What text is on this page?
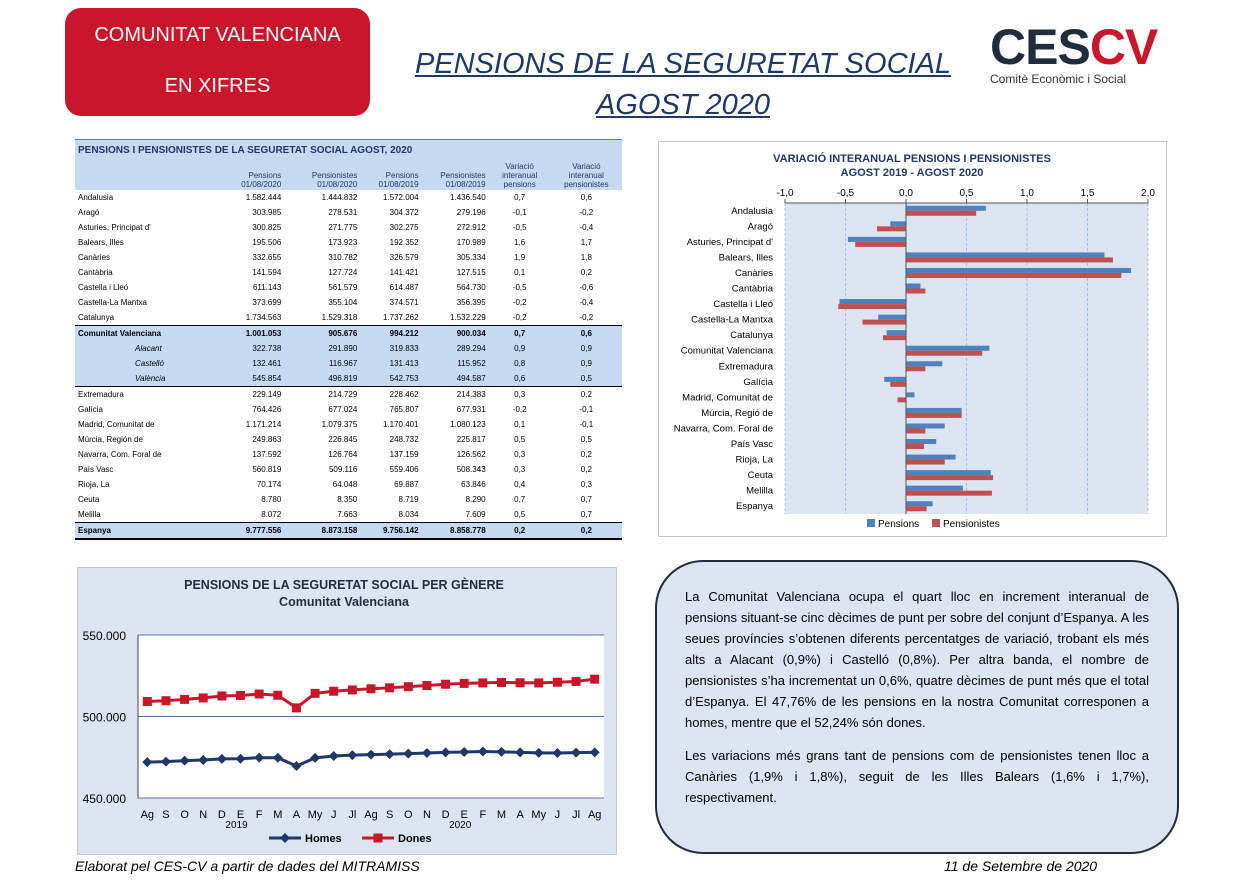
COMUNITAT VALENCIANA
EN XIFRES
PENSIONS DE LA SEGURETAT SOCIAL
AGOST 2020
CESCV
Comitè Econòmic i Social
PENSIONS I PENSIONISTES DE LA SEGURETAT SOCIAL AGOST, 2020
	Pensions 01/08/2020	Pensionistes 01/08/2020	Pensions 01/08/2019	Pensionistes 01/08/2019	Variació interanual pensions	Variació interanual pensionistes
Andalusia	1.582.444	1.444.832	1.572.004	1.436.540	0,7	0,6
Aragó	303.985	278.531	304.372	279.196	-0,1	-0,2
Asturies, Principat d'	300.825	271.775	302.275	272.912	-0,5	-0,4
Balears, Illes	195.506	173.923	192.352	170.989	1,6	1,7
Canàries	332.655	310.782	326.579	305.334	1,9	1,8
Cantàbria	141.594	127.724	141.421	127.515	0,1	0,2
Castella i Lleó	611.143	561.579	614.487	564.730	-0,5	-0,6
Castella-La Mantxa	373.699	355.104	374.571	356.395	-0,2	-0,4
Catalunya	1.734.563	1.529.318	1.737.262	1.532.229	-0,2	-0,2
Comunitat Valenciana	1.001.053	905.676	994.212	900.034	0,7	0,6
Alacant	322.738	291.890	319.833	289.294	0,9	0,9
Castelló	132.461	116.967	131.413	115.952	0,8	0,9
València	545.854	496.819	542.753	494.587	0,6	0,5
Extremadura	229.149	214.729	228.462	214.383	0,3	0,2
Galícia	764.426	677.024	765.807	677.931	-0,2	-0,1
Madrid, Comunitat de	1.171.214	1.079.375	1.170.401	1.080.123	0,1	-0,1
Múrcia, Región de	249.863	226.845	248.732	225.817	0,5	0,5
Navarra, Com. Foral de	137.592	126.764	137.159	126.562	0,3	0,2
País Vasc	560.819	509.116	559.406	508.343	0,3	0,2
Rioja, La	70.174	64.048	69.887	63.846	0,4	0,3
Ceuta	8.780	8.350	8.719	8.290	0,7	0,7
Melilla	8.072	7.663	8.034	7.609	0,5	0,7
Espanya	9.777.556	8.873.158	9.756.142	8.858.778	0,2	0,2
VARIACIÓ INTERANUAL PENSIONS I PENSIONISTES
AGOST 2019 - AGOST 2020
-1,0	-0,5	0,0	0,5	1,0	1,5	2,0
Andalusia
Aragó
Asturies, Principat d'
Balears, Illes
Canàries
Cantàbria
Castella i Lleó
Castella-La Mantxa
Catalunya
Comunitat Valenciana
Extremadura
Galícia
Madrid, Comunitat de
Múrcia, Regió de
Navarra, Com. Foral de
País Vasc
Rioja, La
Ceuta
Melilla
Espanya
Pensions Pensionistes
PENSIONS DE LA SEGURETAT SOCIAL PER GÈNERE
Comunitat Valenciana
450.000
500.000
550.000
Ag S O N D E F M A My J Jl Ag S O N D E F M A My J Jl Ag
2019	2020
Homes	Dones

La Comunitat Valenciana ocupa el quart lloc en increment interanual de pensions situant-se cinc dècimes de punt per sobre del conjunt d’Espanya. A les seues províncies s’obtenen diferents percentatges de variació, trobant els més alts a Alacant (0,9%) i Castelló (0,8%). Per altra banda, el nombre de pensionistes s’ha incrementat un 0,6%, quatre dècimes de punt més que el total d’Espanya. El 47,76% de les pensions en la nostra Comunitat corresponen a homes, mentre que el 52,24% són dones.

Les variacions més grans tant de pensions com de pensionistes tenen lloc a Canàries (1,9% i 1,8%), seguit de les Illes Balears (1,6% i 1,7%), respectivament.

Elaborat pel CES-CV a partir de dades del MITRAMISS	11 de Setembre de 2020
